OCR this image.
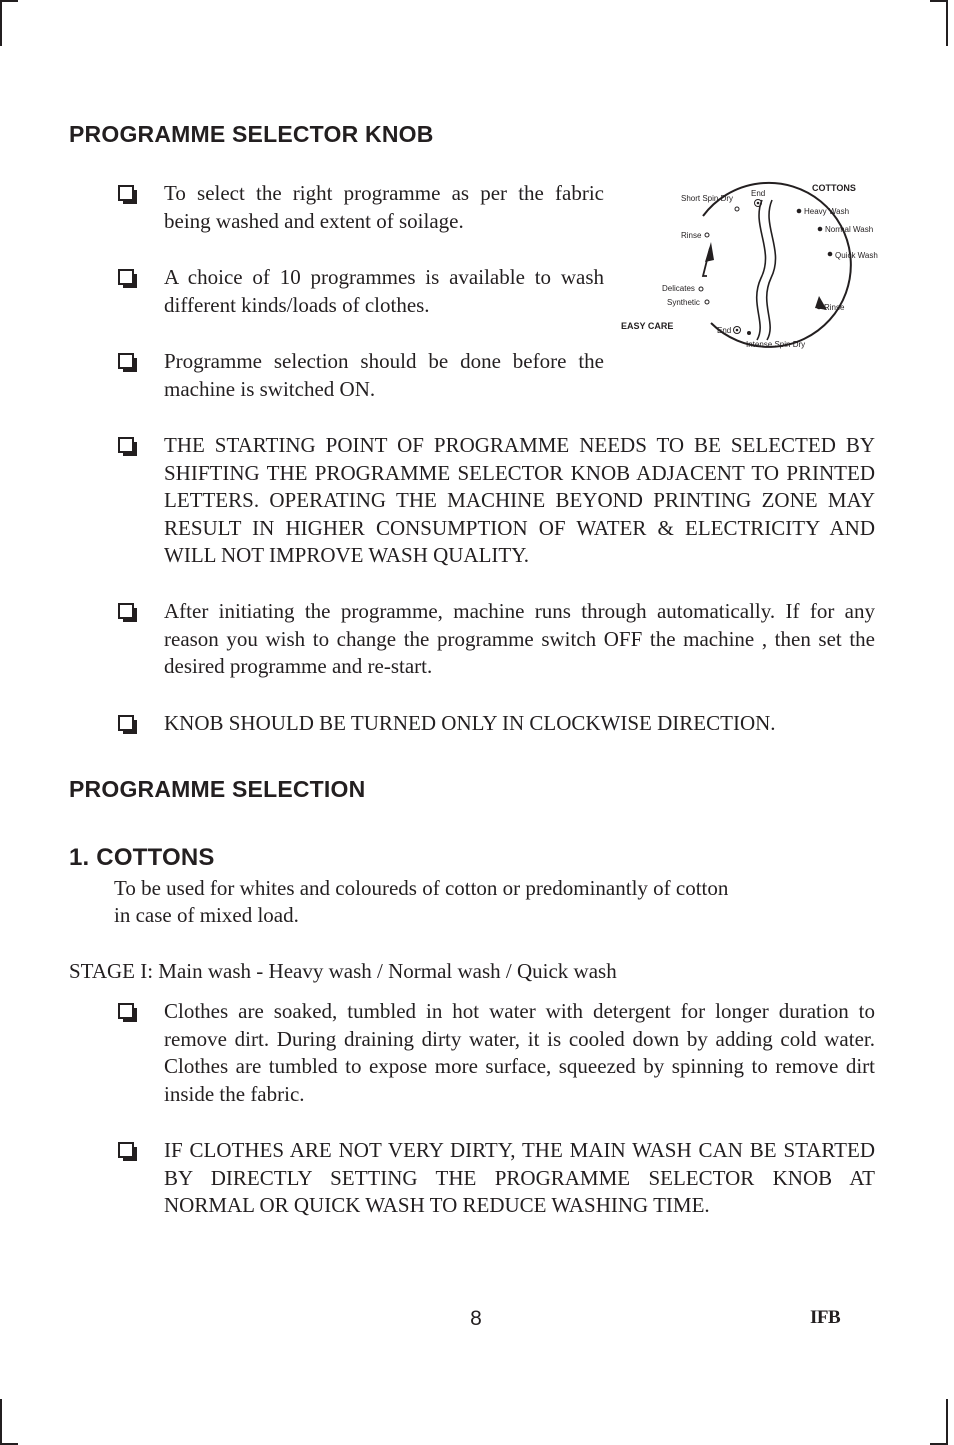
PROGRAMME SELECTOR KNOB
To select the right programme as per the fabric being washed and extent of soilage.
A choice of 10 programmes is available to wash different kinds/loads of clothes.
Programme selection should be done before the machine is switched ON.
COTTONS
End
Short Spin Dry
Heavy Wash
Normal Wash
Quick Wash
Rinse
Rinse
Delicates
Synthetic
EASY CARE	End
Intense Spin Dry
THE STARTING POINT OF PROGRAMME NEEDS TO BE SELECTED BY SHIFTING THE PROGRAMME SELECTOR KNOB ADJACENT TO PRINTED LETTERS. OPERATING THE MACHINE BEYOND PRINTING ZONE MAY RESULT IN HIGHER CONSUMPTION OF WATER & ELECTRICITY AND WILL NOT IMPROVE WASH QUALITY.
After initiating the programme, machine runs through automatically. If for any reason you wish to change the programme switch OFF the machine , then set the desired programme and re-start.
KNOB SHOULD BE TURNED ONLY IN CLOCKWISE DIRECTION.
PROGRAMME SELECTION
1. COTTONS
To be used for whites and coloureds of cotton or predominantly of cotton
in case of mixed load.
STAGE I: Main wash - Heavy wash / Normal wash / Quick wash
Clothes are soaked, tumbled in hot water with detergent for longer duration to remove dirt. During draining dirty water, it is cooled down by adding cold water. Clothes are tumbled to expose more surface, squeezed by spinning to remove dirt inside the fabric.
IF CLOTHES ARE NOT VERY DIRTY, THE MAIN WASH CAN BE STARTED BY DIRECTLY SETTING THE PROGRAMME SELECTOR KNOB AT NORMAL OR QUICK WASH TO REDUCE WASHING TIME.
8	IFB
